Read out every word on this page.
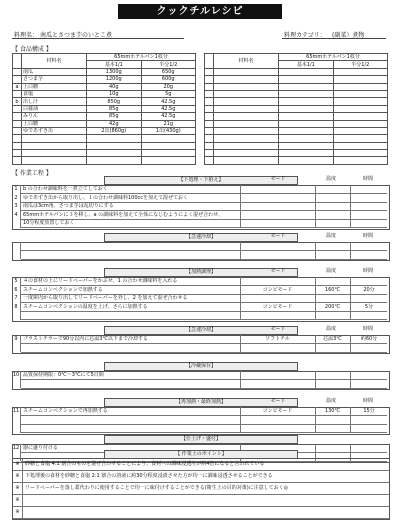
クックチルレシピ
料理名： 南瓜とさつま芋のいとこ煮	料理カテゴリ： (副菜）煮物
【 食品構成 】
	材料名	65mmホテルパン1枚分	
		基本1/1	半分1/2
	南瓜	1300g	650g
	さつま芋	1200g	600g
a	上白糖	40g	20g
	食塩	10g	5g
b	出し汁	850g	42.5g
	白醤油	85g	42.5g
	みりん	85g	42.5g
	上白糖	42g	21g
	ゆであずき缶	2缶(860g)	1缶(430g)

	材料名	65mmホテルパン1枚分	
		基本1/1	半分1/2

【 作業工程 】
【下処理・下拵え】	モード	温度	時間
1	b の合わせ調味料を一煮立てしておく
2	ゆであずき缶から取り出し、１の合わせ調味料100ccを加えて混ぜておく
3	南瓜は3cm角、さつま芋は乱切りにする
4	65mmホテルパンに３を移し、a の調味料を加えて全体になじむようによく混ぜ合わせ、
10分程度放置しておく
【急速冷却】	モード	温度	時間
【加熱調理】	モード	温度	時間
5	４の食材の上にリードペーパーをかぶせ、1 の合わせ調味料を入れる
6	スチームコンベクションで加熱する	コンビモード	160℃	20分
7	一度庫内から取り出してリードペーパーを外し、2 を加えて混ぜ合わせる
8	スチームコンベクションの温度を上げ、さらに加熱する	コンビモード	200℃	5分
【急速冷却】	モード	温度	時間
9	ブラストチラーで90分以内に芯温3℃以下まで冷却する	ソフトチル	芯温3℃	約60分
【冷蔵保存】
10 品質保持期限：0℃～3℃にて5日間
【再加熱・最終加熱】	モード	温度	時間
11 スチームコンベクションで再加熱する	コンビモード	130℃	15分
【仕上げ・盛付】
12 器に盛り付ける
【 作業上のポイント】
※ 砂糖と食塩 4:1 割合のものを混ぜ合わせることにより、食材への調味浸透圧が約4倍になると言われている
※ 下処理後の食材を砂糖と食塩 2:1 割合の溶液に約30分程度浸漬させた方が均一に調味浸透させることができる
※ リードペーパーを落し蓋代わりに使用することで均一に味付けすることができる(衛生上の目的対策)に注意しておく◎
※
※
